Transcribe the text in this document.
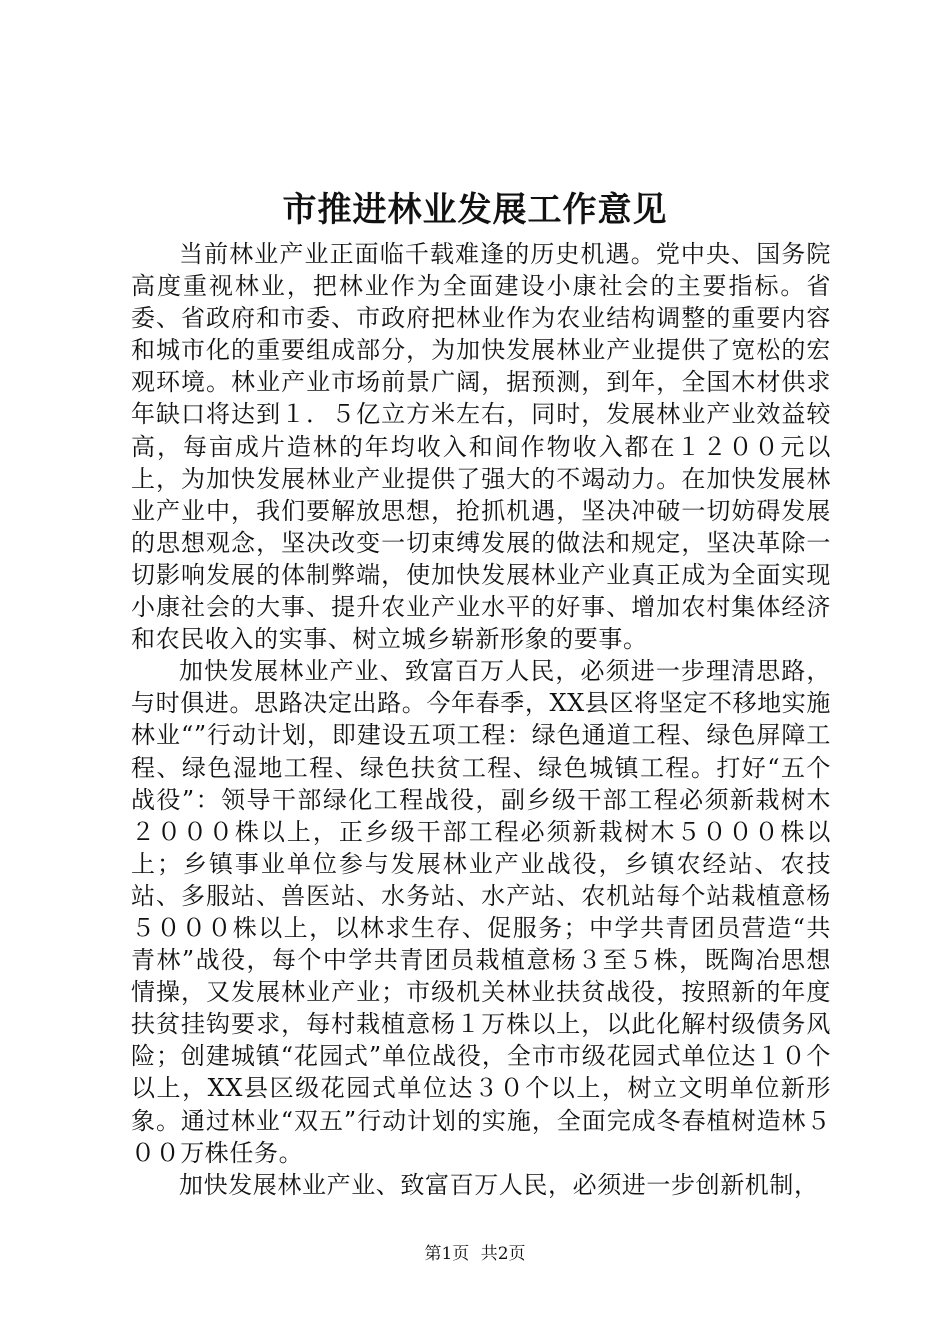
市推进林业发展工作意见

当前林业产业正面临千载难逢的历史机遇。党中央、国务院高度重视林业，把林业作为全面建设小康社会的主要指标。省委、省政府和市委、市政府把林业作为农业结构调整的重要内容和城市化的重要组成部分，为加快发展林业产业提供了宽松的宏观环境。林业产业市场前景广阔，据预测，到年，全国木材供求年缺口将达到１．５亿立方米左右，同时，发展林业产业效益较高，每亩成片造林的年均收入和间作物收入都在１２００元以上，为加快发展林业产业提供了强大的不竭动力。在加快发展林业产业中，我们要解放思想，抢抓机遇，坚决冲破一切妨碍发展的思想观念，坚决改变一切束缚发展的做法和规定，坚决革除一切影响发展的体制弊端，使加快发展林业产业真正成为全面实现小康社会的大事、提升农业产业水平的好事、增加农村集体经济和农民收入的实事、树立城乡崭新形象的要事。

加快发展林业产业、致富百万人民，必须进一步理清思路，与时俱进。思路决定出路。今年春季，XX县区将坚定不移地实施林业“”行动计划，即建设五项工程：绿色通道工程、绿色屏障工程、绿色湿地工程、绿色扶贫工程、绿色城镇工程。打好“五个战役”：领导干部绿化工程战役，副乡级干部工程必须新栽树木２０００株以上，正乡级干部工程必须新栽树木５０００株以上；乡镇事业单位参与发展林业产业战役，乡镇农经站、农技站、多服站、兽医站、水务站、水产站、农机站每个站栽植意杨５０００株以上，以林求生存、促服务；中学共青团员营造“共青林”战役，每个中学共青团员栽植意杨３至５株，既陶冶思想情操，又发展林业产业；市级机关林业扶贫战役，按照新的年度扶贫挂钩要求，每村栽植意杨１万株以上，以此化解村级债务风险；创建城镇“花园式”单位战役，全市市级花园式单位达１０个以上，XX县区级花园式单位达３０个以上，树立文明单位新形象。通过林业“双五”行动计划的实施，全面完成冬春植树造林５００万株任务。

加快发展林业产业、致富百万人民，必须进一步创新机制，

第1页 共2页
